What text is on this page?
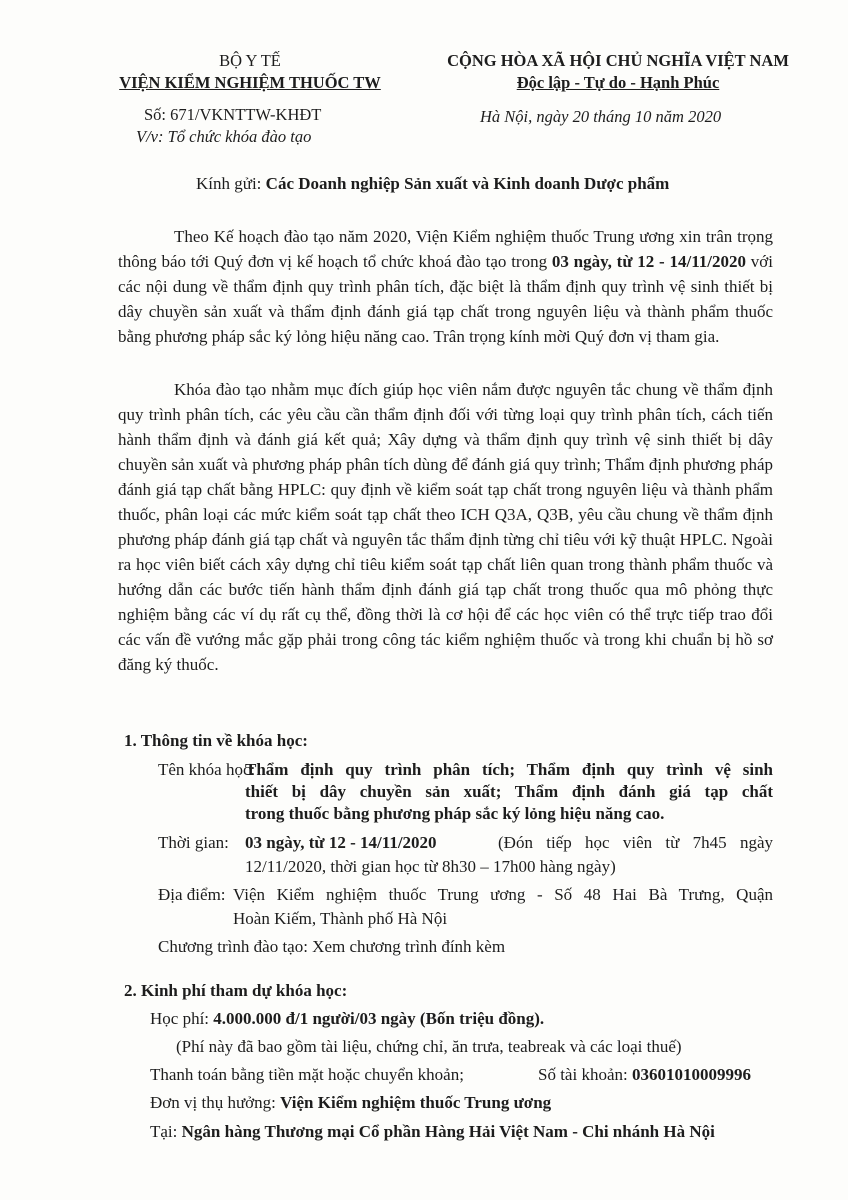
BỘ Y TẾ
VIỆN KIỂM NGHIỆM THUỐC TW
Số: 671/VKNTTW-KHĐT
V/v: Tổ chức khóa đào tạo
CỘNG HÒA XÃ HỘI CHỦ NGHĨA VIỆT NAM
Độc lập - Tự do - Hạnh Phúc
Hà Nội, ngày 20 tháng 10 năm 2020
Kính gửi: Các Doanh nghiệp Sản xuất và Kinh doanh Dược phẩm
Theo Kế hoạch đào tạo năm 2020, Viện Kiểm nghiệm thuốc Trung ương xin trân trọng thông báo tới Quý đơn vị kế hoạch tổ chức khoá đào tạo trong 03 ngày, từ 12 - 14/11/2020 với các nội dung về thẩm định quy trình phân tích, đặc biệt là thẩm định quy trình vệ sinh thiết bị dây chuyền sản xuất và thẩm định đánh giá tạp chất trong nguyên liệu và thành phẩm thuốc bằng phương pháp sắc ký lỏng hiệu năng cao. Trân trọng kính mời Quý đơn vị tham gia.
Khóa đào tạo nhằm mục đích giúp học viên nắm được nguyên tắc chung về thẩm định quy trình phân tích, các yêu cầu cần thẩm định đối với từng loại quy trình phân tích, cách tiến hành thẩm định và đánh giá kết quả; Xây dựng và thẩm định quy trình vệ sinh thiết bị dây chuyền sản xuất và phương pháp phân tích dùng để đánh giá quy trình; Thẩm định phương pháp đánh giá tạp chất bằng HPLC: quy định về kiểm soát tạp chất trong nguyên liệu và thành phẩm thuốc, phân loại các mức kiểm soát tạp chất theo ICH Q3A, Q3B, yêu cầu chung về thẩm định phương pháp đánh giá tạp chất và nguyên tắc thẩm định từng chỉ tiêu với kỹ thuật HPLC. Ngoài ra học viên biết cách xây dựng chỉ tiêu kiểm soát tạp chất liên quan trong thành phẩm thuốc và hướng dẫn các bước tiến hành thẩm định đánh giá tạp chất trong thuốc qua mô phỏng thực nghiệm bằng các ví dụ rất cụ thể, đồng thời là cơ hội để các học viên có thể trực tiếp trao đổi các vấn đề vướng mắc gặp phải trong công tác kiểm nghiệm thuốc và trong khi chuẩn bị hồ sơ đăng ký thuốc.
1. Thông tin về khóa học:
Tên khóa học:
Thẩm định quy trình phân tích; Thẩm định quy trình vệ sinh
thiết bị dây chuyền sản xuất; Thẩm định đánh giá tạp chất
trong thuốc bằng phương pháp sắc ký lỏng hiệu năng cao.
Thời gian: 03 ngày, từ 12 - 14/11/2020	(Đón tiếp học viên từ 7h45 ngày
12/11/2020, thời gian học từ 8h30 – 17h00 hàng ngày)
Địa điểm: Viện Kiểm nghiệm thuốc Trung ương - Số 48 Hai Bà Trưng, Quận
Hoàn Kiếm, Thành phố Hà Nội
Chương trình đào tạo: Xem chương trình đính kèm
2. Kinh phí tham dự khóa học:
Học phí: 4.000.000 đ/1 người/03 ngày (Bốn triệu đồng).
(Phí này đã bao gồm tài liệu, chứng chỉ, ăn trưa, teabreak và các loại thuế)
Thanh toán bằng tiền mặt hoặc chuyển khoản;	Số tài khoản: 03601010009996
Đơn vị thụ hưởng: Viện Kiểm nghiệm thuốc Trung ương
Tại: Ngân hàng Thương mại Cổ phần Hàng Hải Việt Nam - Chi nhánh Hà Nội
